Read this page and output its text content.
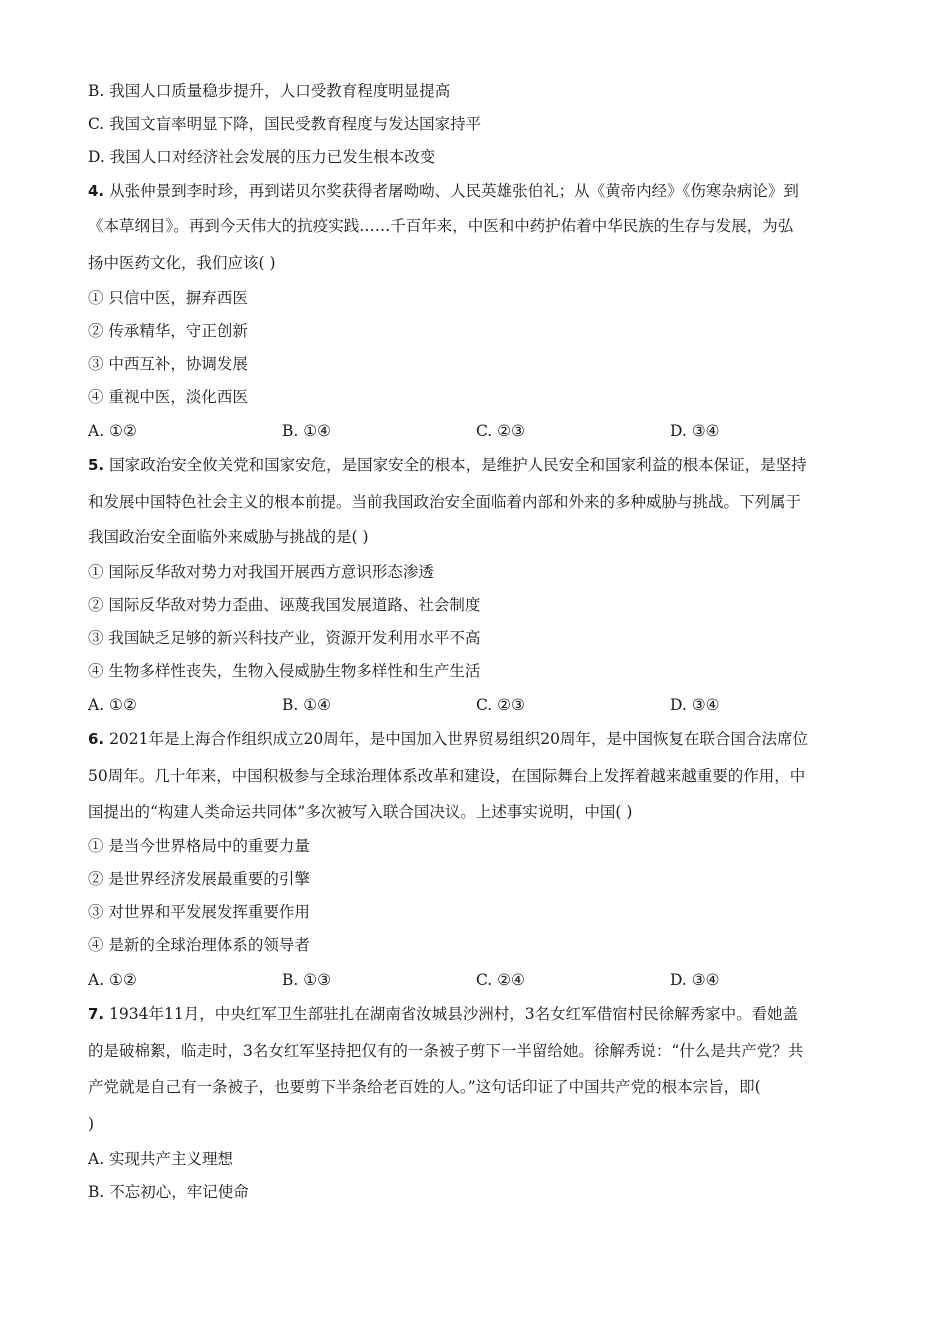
B. 我国人口质量稳步提升，人口受教育程度明显提高
C. 我国文盲率明显下降，国民受教育程度与发达国家持平
D. 我国人口对经济社会发展的压力已发生根本改变
4. 从张仲景到李时珍，再到诺贝尔奖获得者屠呦呦、人民英雄张伯礼；从《黄帝内经》《伤寒杂病论》到
《本草纲目》。再到今天伟大的抗疫实践……千百年来，中医和中药护佑着中华民族的生存与发展，为弘
扬中医药文化，我们应该( )
① 只信中医，摒弃西医
② 传承精华，守正创新
③ 中西互补，协调发展
④ 重视中医，淡化西医
A. ①②	B. ①④	C. ②③	D. ③④
5. 国家政治安全攸关党和国家安危，是国家安全的根本，是维护人民安全和国家利益的根本保证，是坚持
和发展中国特色社会主义的根本前提。当前我国政治安全面临着内部和外来的多种威胁与挑战。下列属于
我国政治安全面临外来威胁与挑战的是( )
① 国际反华敌对势力对我国开展西方意识形态渗透
② 国际反华敌对势力歪曲、诬蔑我国发展道路、社会制度
③ 我国缺乏足够的新兴科技产业，资源开发利用水平不高
④ 生物多样性丧失，生物入侵威胁生物多样性和生产生活
A. ①②	B. ①④	C. ②③	D. ③④
6. 2021年是上海合作组织成立20周年，是中国加入世界贸易组织20周年，是中国恢复在联合国合法席位
50周年。几十年来，中国积极参与全球治理体系改革和建设，在国际舞台上发挥着越来越重要的作用，中
国提出的“构建人类命运共同体”多次被写入联合国决议。上述事实说明，中国( )
① 是当今世界格局中的重要力量
② 是世界经济发展最重要的引擎
③ 对世界和平发展发挥重要作用
④ 是新的全球治理体系的领导者
A. ①②	B. ①③	C. ②④	D. ③④
7. 1934年11月，中央红军卫生部驻扎在湖南省汝城县沙洲村，3名女红军借宿村民徐解秀家中。看她盖
的是破棉絮，临走时，3名女红军坚持把仅有的一条被子剪下一半留给她。徐解秀说：“什么是共产党？共
产党就是自己有一条被子，也要剪下半条给老百姓的人。”这句话印证了中国共产党的根本宗旨，即(
)
A. 实现共产主义理想
B. 不忘初心，牢记使命
